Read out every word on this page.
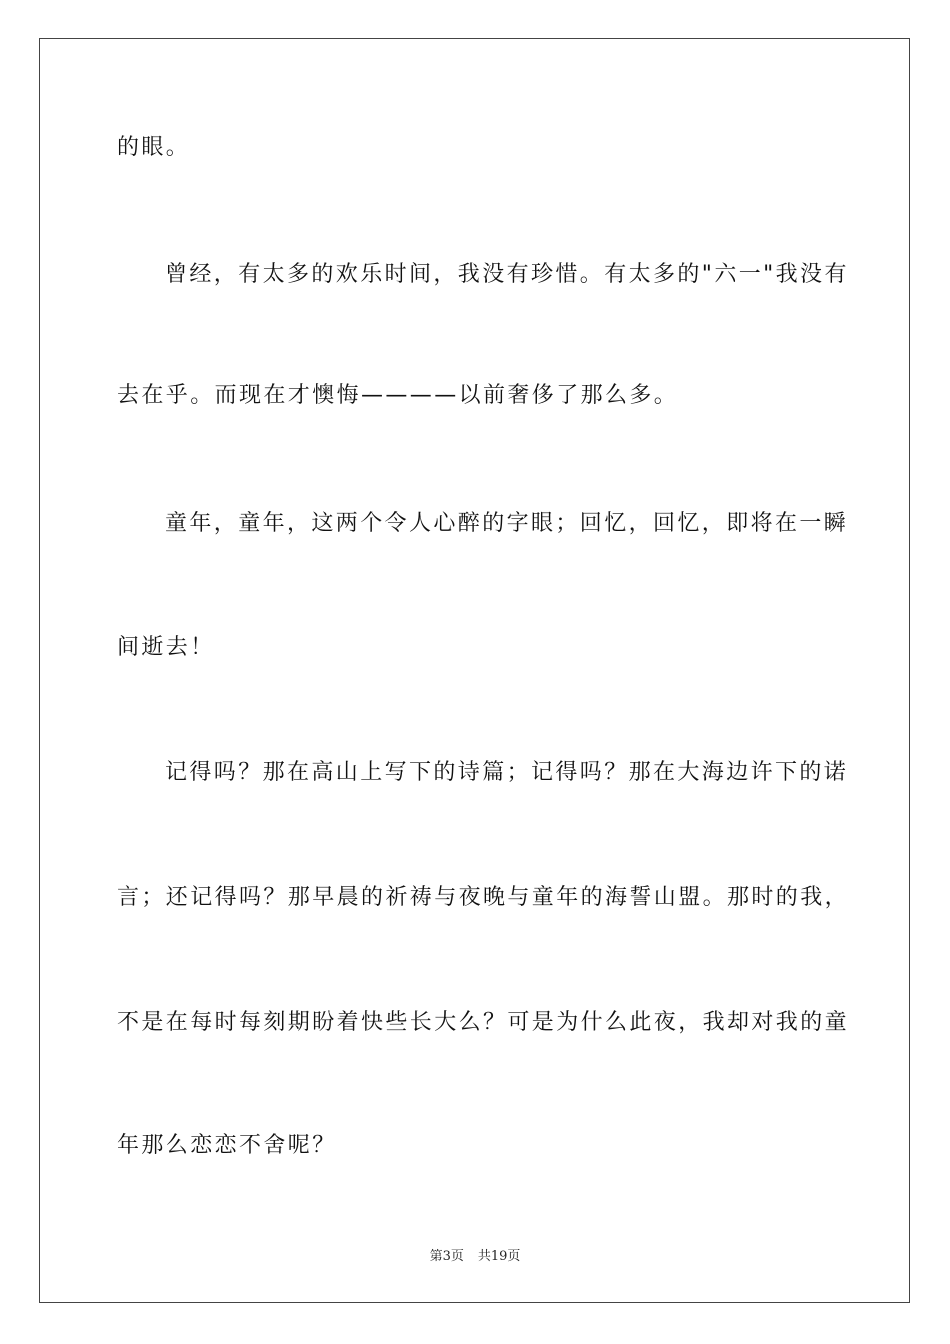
的眼。
曾经，有太多的欢乐时间，我没有珍惜。有太多的"六一"我没有
去在乎。而现在才懊悔————以前奢侈了那么多。
童年，童年，这两个令人心醉的字眼；回忆，回忆，即将在一瞬
间逝去！
记得吗？那在高山上写下的诗篇；记得吗？那在大海边许下的诺
言；还记得吗？那早晨的祈祷与夜晚与童年的海誓山盟。那时的我，
不是在每时每刻期盼着快些长大么？可是为什么此夜，我却对我的童
年那么恋恋不舍呢？
第3页 共19页
